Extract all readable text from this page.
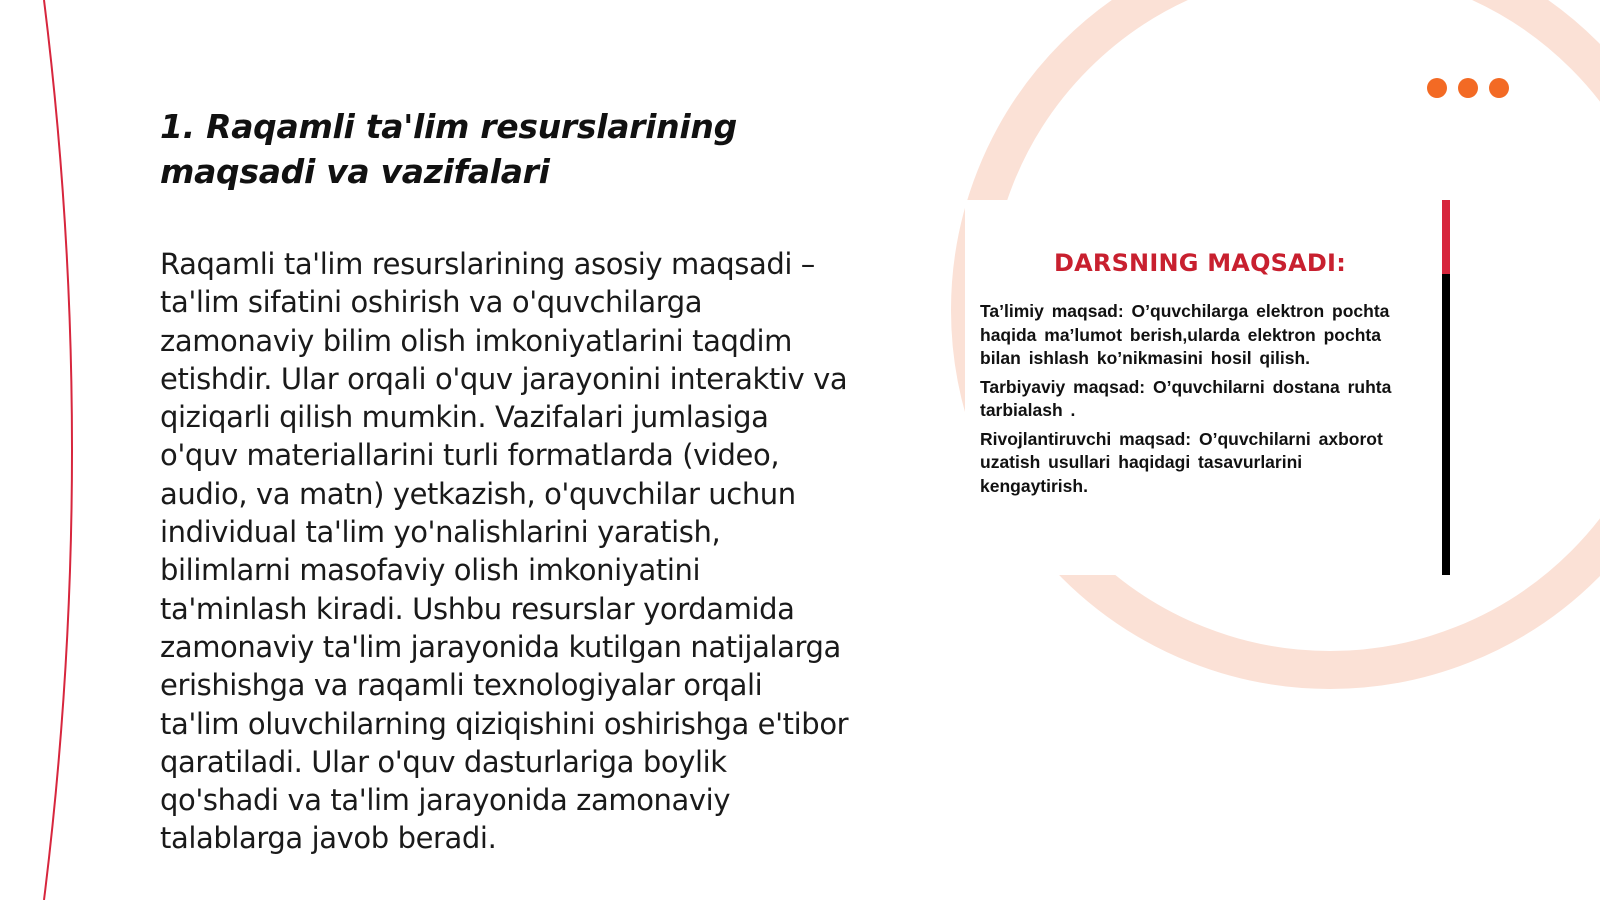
1. Raqamli ta'lim resurslarining maqsadi va vazifalari

Raqamli ta'lim resurslarining asosiy maqsadi – ta'lim sifatini oshirish va o'quvchilarga zamonaviy bilim olish imkoniyatlarini taqdim etishdir. Ular orqali o'quv jarayonini interaktiv va qiziqarli qilish mumkin. Vazifalari jumlasiga o'quv materiallarini turli formatlarda (video, audio, va matn) yetkazish, o'quvchilar uchun individual ta'lim yo'nalishlarini yaratish, bilimlarni masofaviy olish imkoniyatini ta'minlash kiradi. Ushbu resurslar yordamida zamonaviy ta'lim jarayonida kutilgan natijalarga erishishga va raqamli texnologiyalar orqali ta'lim oluvchilarning qiziqishini oshirishga e'tibor qaratiladi. Ular o'quv dasturlariga boylik qo'shadi va ta'lim jarayonida zamonaviy talablarga javob beradi.

DARSNING MAQSADI:

Ta’limiy maqsad: O’quvchilarga elektron pochta haqida ma’lumot berish,ularda elektron pochta bilan ishlash ko’nikmasini hosil qilish.

Tarbiyaviy maqsad: O’quvchilarni dostana ruhta tarbialash .

Rivojlantiruvchi maqsad: O’quvchilarni axborot uzatish usullari haqidagi tasavurlarini kengaytirish.
